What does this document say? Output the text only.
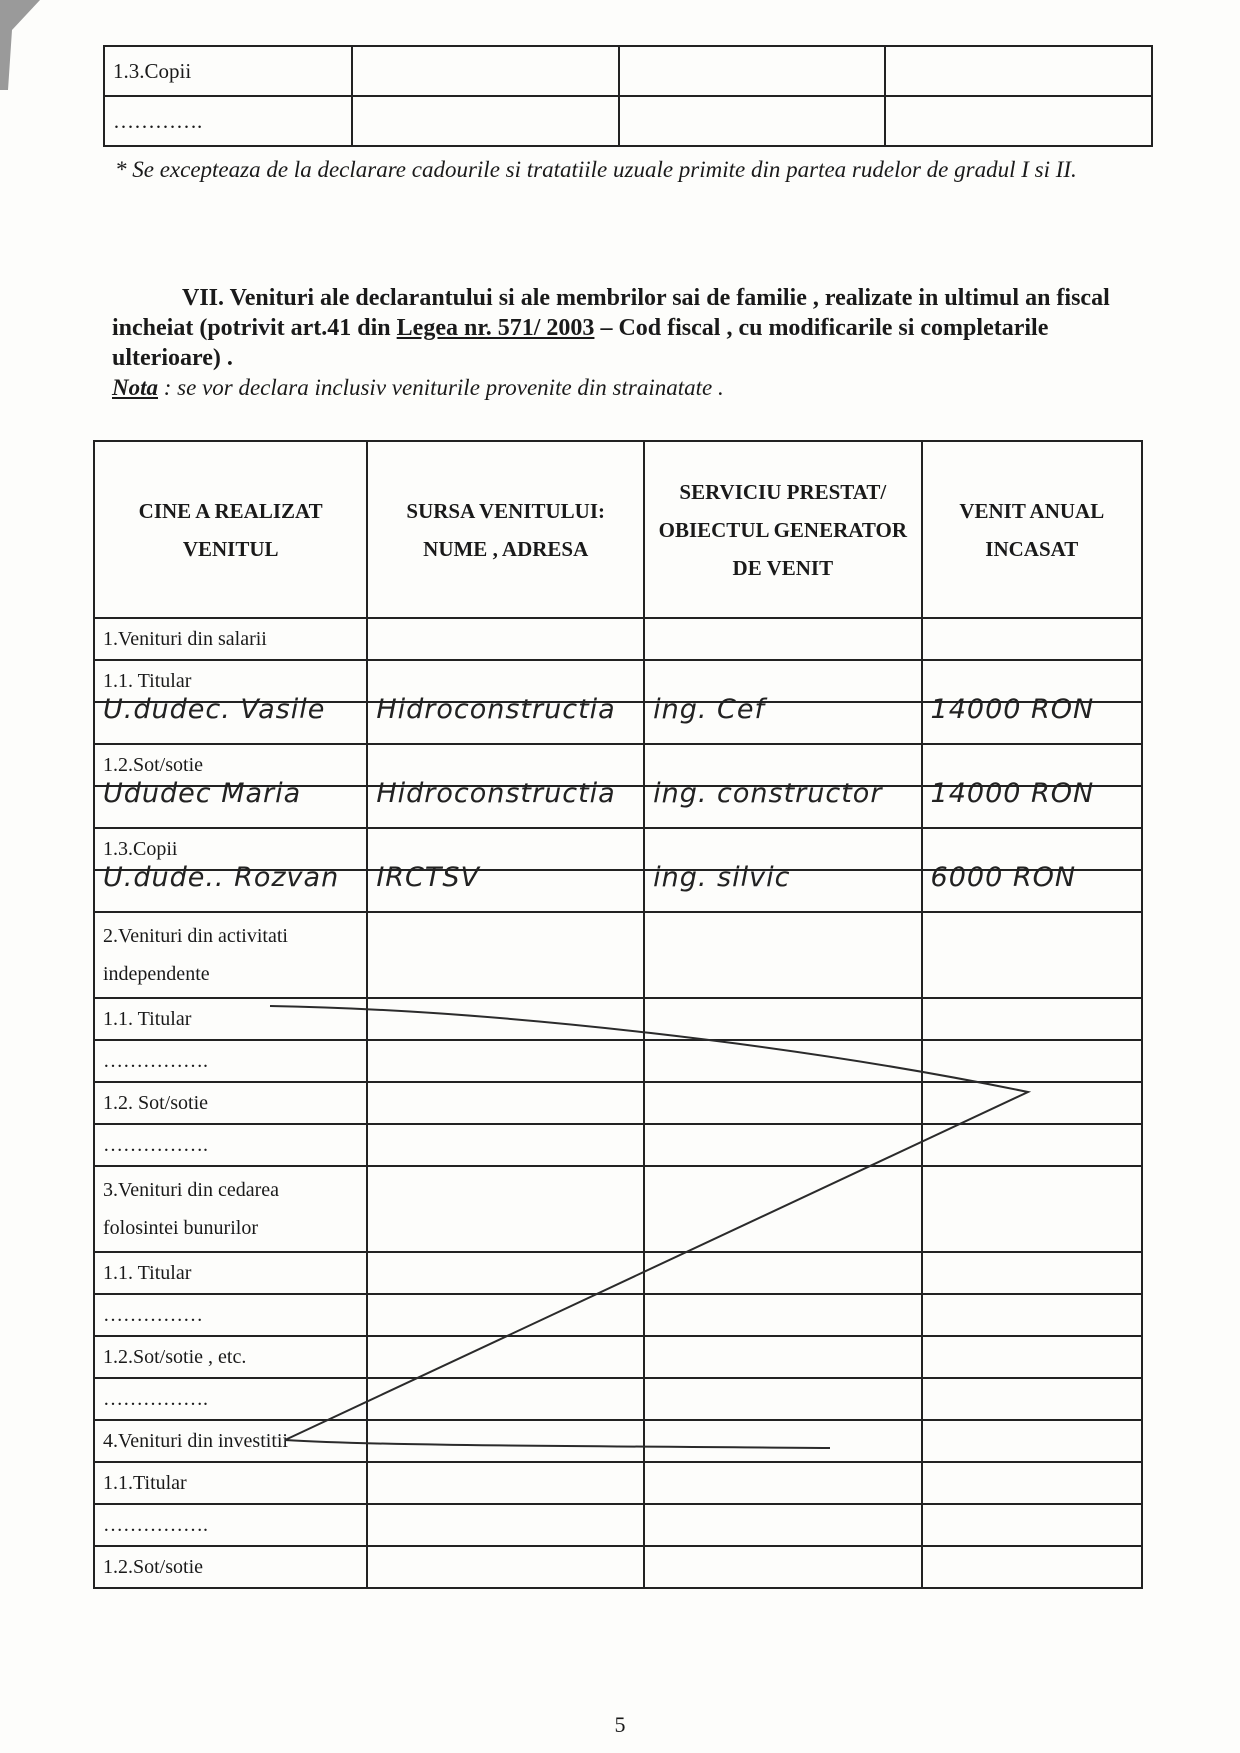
1.3.Copii			
………….			
* Se excepteaza de la declarare cadourile si tratatiile uzuale primite din partea rudelor de gradul I si II.
VII. Venituri ale declarantului si ale membrilor sai de familie , realizate in ultimul an fiscal incheiat (potrivit art.41 din Legea nr. 571/ 2003 – Cod fiscal , cu modificarile si completarile ulterioare) .
Nota : se vor declara inclusiv veniturile provenite din strainatate .
CINE A REALIZAT VENITUL	SURSA VENITULUI: NUME , ADRESA	SERVICIU PRESTAT/ OBIECTUL GENERATOR DE VENIT	VENIT ANUAL INCASAT
1.Venituri din salarii			
1.1. Titular			
U.dudec. Vasile	Hidroconstructia	ing. Cef	14000 RON
1.2.Sot/sotie			
Ududec Maria	Hidroconstructia	ing. constructor	14000 RON
1.3.Copii			
U.dude.. Rozvan	IRCTSV	ing. silvic	6000 RON
2.Venituri din activitati independente			
1.1. Titular			
…………….			
1.2. Sot/sotie			
…………….			
3.Venituri din cedarea folosintei bunurilor			
1.1. Titular			
……………			
1.2.Sot/sotie , etc.			
…………….			
4.Venituri din investitii			
1.1.Titular			
…………….			
1.2.Sot/sotie			
5
